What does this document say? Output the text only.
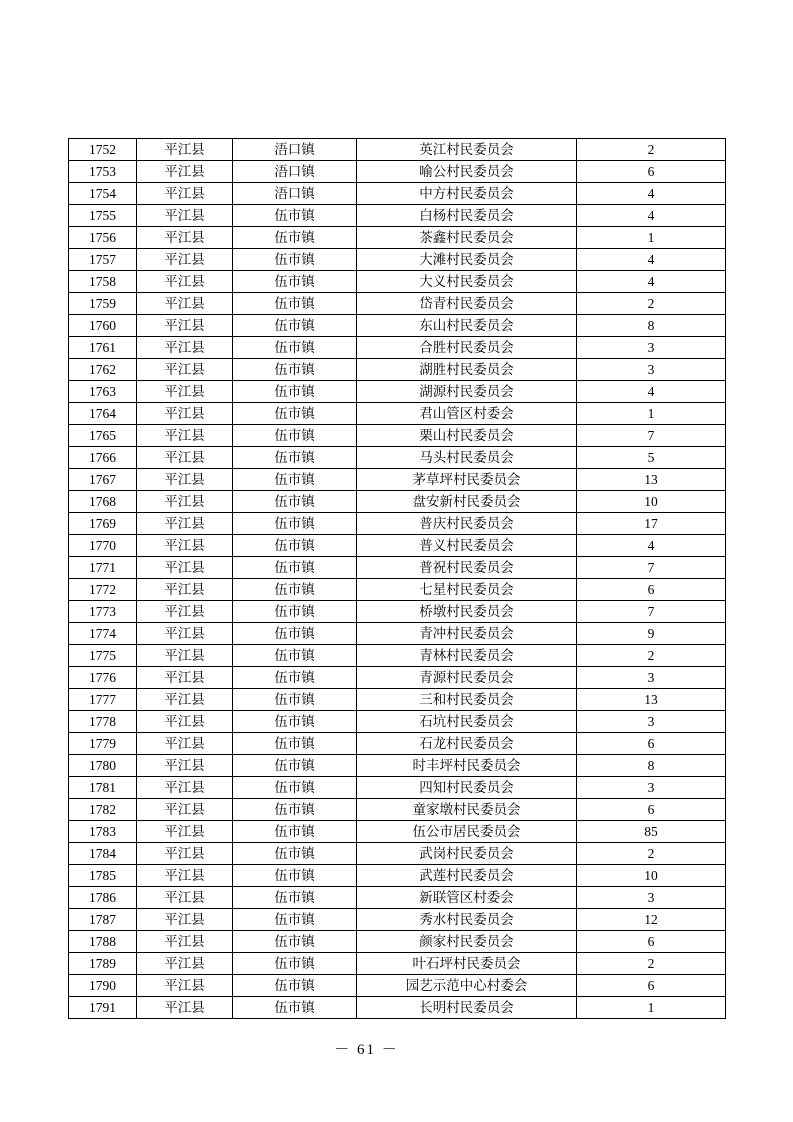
1752	平江县	浯口镇	英江村民委员会	2
1753	平江县	浯口镇	喻公村民委员会	6
1754	平江县	浯口镇	中方村民委员会	4
1755	平江县	伍市镇	白杨村民委员会	4
1756	平江县	伍市镇	茶鑫村民委员会	1
1757	平江县	伍市镇	大滩村民委员会	4
1758	平江县	伍市镇	大义村民委员会	4
1759	平江县	伍市镇	岱青村民委员会	2
1760	平江县	伍市镇	东山村民委员会	8
1761	平江县	伍市镇	合胜村民委员会	3
1762	平江县	伍市镇	湖胜村民委员会	3
1763	平江县	伍市镇	湖源村民委员会	4
1764	平江县	伍市镇	君山管区村委会	1
1765	平江县	伍市镇	栗山村民委员会	7
1766	平江县	伍市镇	马头村民委员会	5
1767	平江县	伍市镇	茅草坪村民委员会	13
1768	平江县	伍市镇	盘安新村民委员会	10
1769	平江县	伍市镇	普庆村民委员会	17
1770	平江县	伍市镇	普义村民委员会	4
1771	平江县	伍市镇	普祝村民委员会	7
1772	平江县	伍市镇	七星村民委员会	6
1773	平江县	伍市镇	桥墩村民委员会	7
1774	平江县	伍市镇	青冲村民委员会	9
1775	平江县	伍市镇	青林村民委员会	2
1776	平江县	伍市镇	青源村民委员会	3
1777	平江县	伍市镇	三和村民委员会	13
1778	平江县	伍市镇	石坑村民委员会	3
1779	平江县	伍市镇	石龙村民委员会	6
1780	平江县	伍市镇	时丰坪村民委员会	8
1781	平江县	伍市镇	四知村民委员会	3
1782	平江县	伍市镇	童家墩村民委员会	6
1783	平江县	伍市镇	伍公市居民委员会	85
1784	平江县	伍市镇	武岗村民委员会	2
1785	平江县	伍市镇	武莲村民委员会	10
1786	平江县	伍市镇	新联管区村委会	3
1787	平江县	伍市镇	秀水村民委员会	12
1788	平江县	伍市镇	颜家村民委员会	6
1789	平江县	伍市镇	叶石坪村民委员会	2
1790	平江县	伍市镇	园艺示范中心村委会	6
1791	平江县	伍市镇	长明村民委员会	1
－ 61 －
